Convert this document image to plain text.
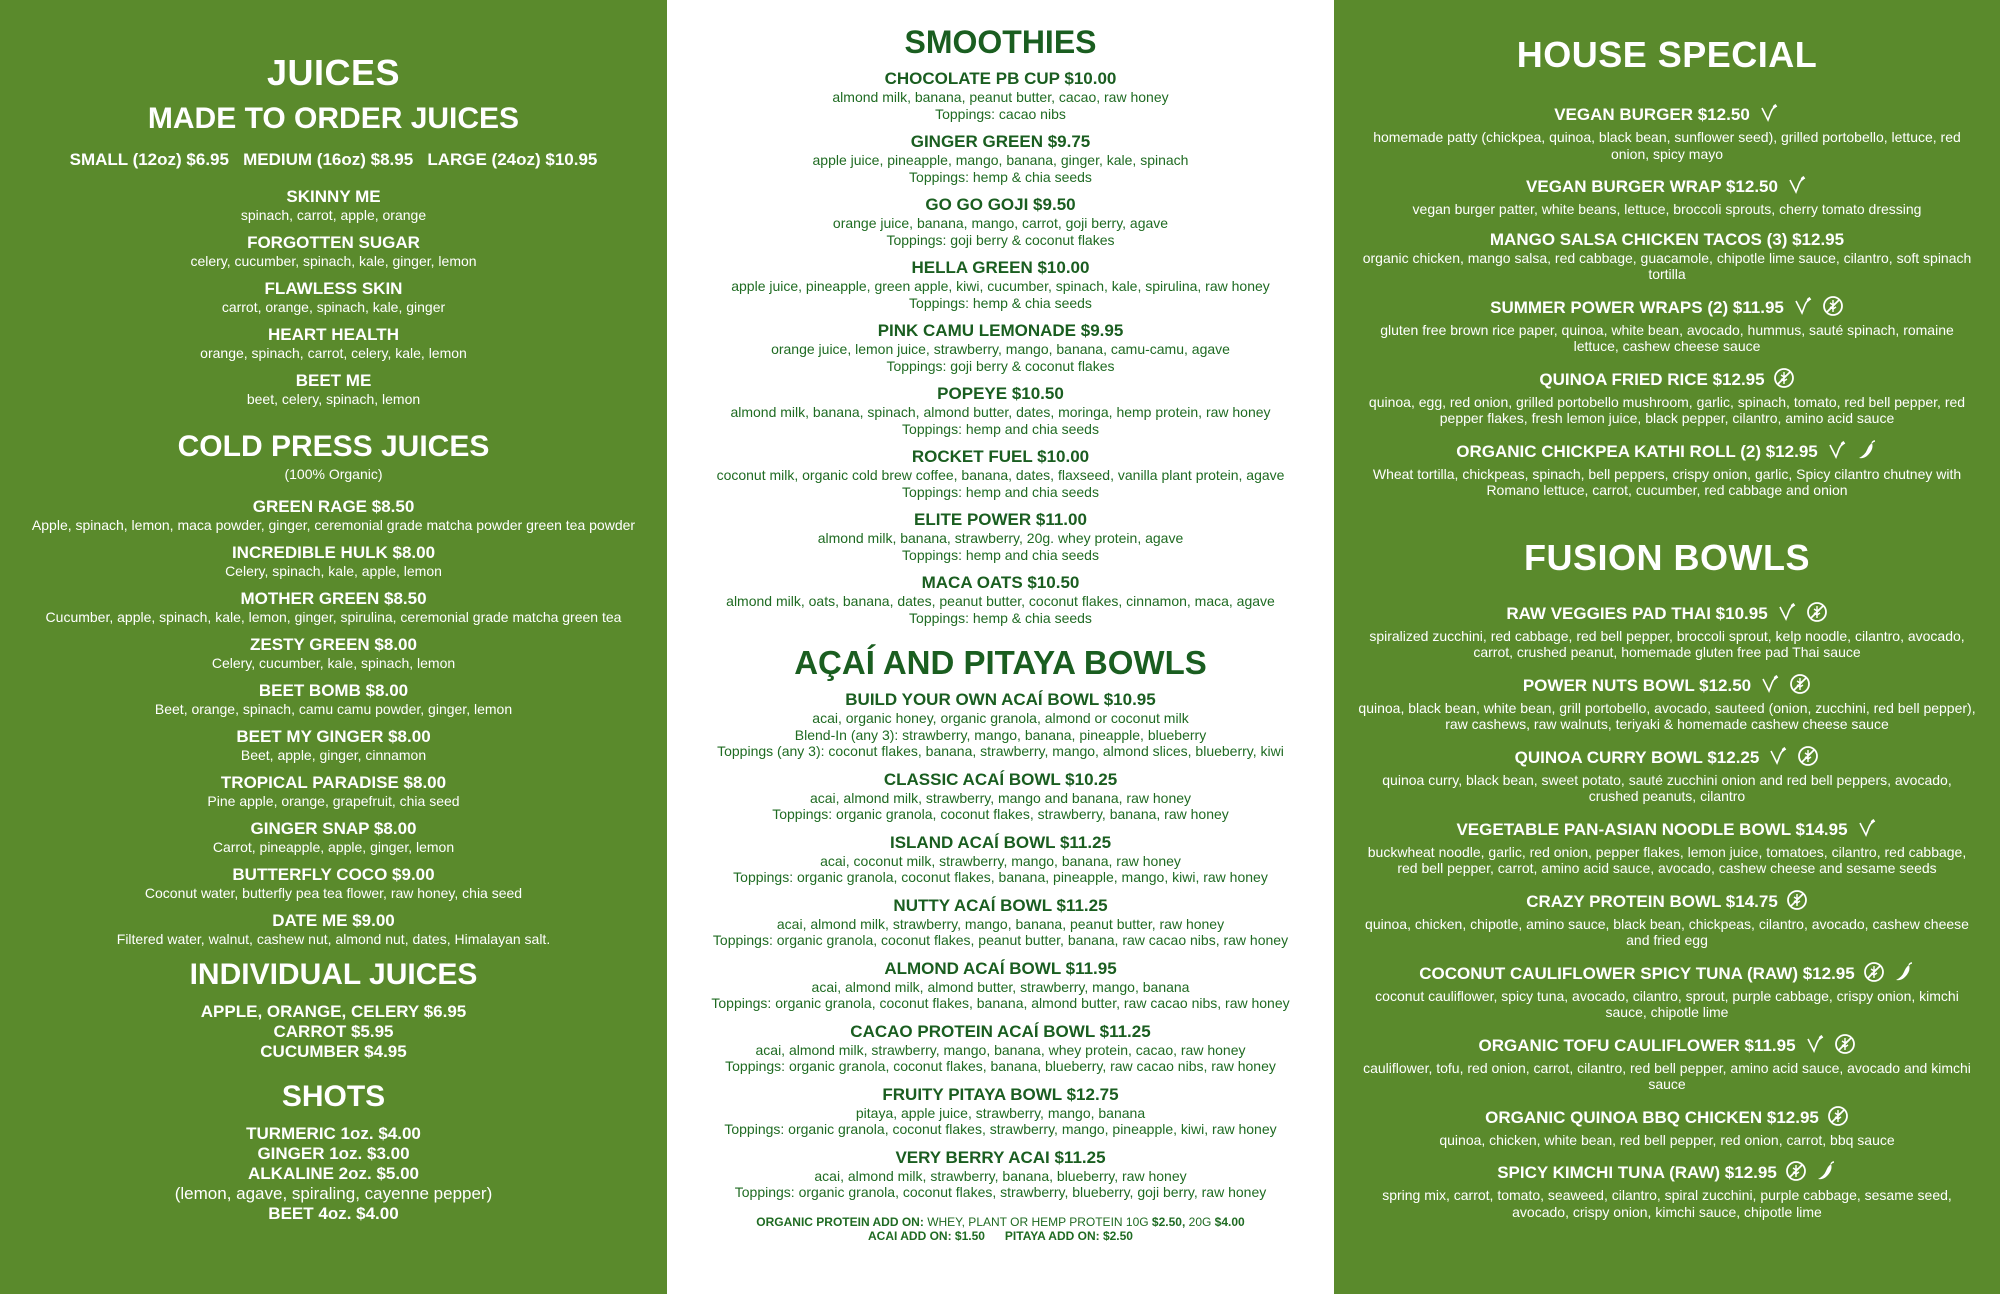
JUICES
MADE TO ORDER JUICES
SMALL (12oz) $6.95   MEDIUM (16oz) $8.95   LARGE (24oz) $10.95
SKINNY ME
spinach, carrot, apple, orange
FORGOTTEN SUGAR
celery, cucumber, spinach, kale, ginger, lemon
FLAWLESS SKIN
carrot, orange, spinach, kale, ginger
HEART HEALTH
orange, spinach, carrot, celery, kale, lemon
BEET ME
beet, celery, spinach, lemon
COLD PRESS JUICES
(100% Organic)
GREEN RAGE $8.50
Apple, spinach, lemon, maca powder, ginger, ceremonial grade matcha powder green tea powder
INCREDIBLE HULK $8.00
Celery, spinach, kale, apple, lemon
MOTHER GREEN $8.50
Cucumber, apple, spinach, kale, lemon, ginger, spirulina, ceremonial grade matcha green tea
ZESTY GREEN $8.00
Celery, cucumber, kale, spinach, lemon
BEET BOMB $8.00
Beet, orange, spinach, camu camu powder, ginger, lemon
BEET MY GINGER $8.00
Beet, apple, ginger, cinnamon
TROPICAL PARADISE $8.00
Pine apple, orange, grapefruit, chia seed
GINGER SNAP $8.00
Carrot, pineapple, apple, ginger, lemon
BUTTERFLY COCO $9.00
Coconut water, butterfly pea tea flower, raw honey, chia seed
DATE ME $9.00
Filtered water, walnut, cashew nut, almond nut, dates, Himalayan salt.
INDIVIDUAL JUICES
APPLE, ORANGE, CELERY $6.95
CARROT $5.95
CUCUMBER $4.95
SHOTS
TURMERIC 1oz. $4.00
GINGER 1oz. $3.00
ALKALINE 2oz. $5.00
(lemon, agave, spiraling, cayenne pepper)
BEET 4oz. $4.00
SMOOTHIES
CHOCOLATE PB CUP $10.00
almond milk, banana, peanut butter, cacao, raw honey
Toppings: cacao nibs
GINGER GREEN $9.75
apple juice, pineapple, mango, banana, ginger, kale, spinach
Toppings: hemp & chia seeds
GO GO GOJI $9.50
orange juice, banana, mango, carrot, goji berry, agave
Toppings: goji berry & coconut flakes
HELLA GREEN $10.00
apple juice, pineapple, green apple, kiwi, cucumber, spinach, kale, spirulina, raw honey
Toppings: hemp & chia seeds
PINK CAMU LEMONADE $9.95
orange juice, lemon juice, strawberry, mango, banana, camu-camu, agave
Toppings: goji berry & coconut flakes
POPEYE $10.50
almond milk, banana, spinach, almond butter, dates, moringa, hemp protein, raw honey
Toppings: hemp and chia seeds
ROCKET FUEL $10.00
coconut milk, organic cold brew coffee, banana, dates, flaxseed, vanilla plant protein, agave
Toppings: hemp and chia seeds
ELITE POWER $11.00
almond milk, banana, strawberry, 20g. whey protein, agave
Toppings: hemp and chia seeds
MACA OATS $10.50
almond milk, oats, banana, dates, peanut butter, coconut flakes, cinnamon, maca, agave
Toppings: hemp & chia seeds
AÇAÍ AND PITAYA BOWLS
BUILD YOUR OWN ACAÍ BOWL $10.95
acai, organic honey, organic granola, almond or coconut milk
Blend-In (any 3): strawberry, mango, banana, pineapple, blueberry
Toppings (any 3): coconut flakes, banana, strawberry, mango, almond slices, blueberry, kiwi
CLASSIC ACAÍ BOWL $10.25
acai, almond milk, strawberry, mango and banana, raw honey
Toppings: organic granola, coconut flakes, strawberry, banana, raw honey
ISLAND ACAÍ BOWL $11.25
acai, coconut milk, strawberry, mango, banana, raw honey
Toppings: organic granola, coconut flakes, banana, pineapple, mango, kiwi, raw honey
NUTTY ACAÍ BOWL $11.25
acai, almond milk, strawberry, mango, banana, peanut butter, raw honey
Toppings: organic granola, coconut flakes, peanut butter, banana, raw cacao nibs, raw honey
ALMOND ACAÍ BOWL $11.95
acai, almond milk, almond butter, strawberry, mango, banana
Toppings: organic granola, coconut flakes, banana, almond butter, raw cacao nibs, raw honey
CACAO PROTEIN ACAÍ BOWL $11.25
acai, almond milk, strawberry, mango, banana, whey protein, cacao, raw honey
Toppings: organic granola, coconut flakes, banana, blueberry, raw cacao nibs, raw honey
FRUITY PITAYA BOWL $12.75
pitaya, apple juice, strawberry, mango, banana
Toppings: organic granola, coconut flakes, strawberry, mango, pineapple, kiwi, raw honey
VERY BERRY ACAI $11.25
acai, almond milk, strawberry, banana, blueberry, raw honey
Toppings: organic granola, coconut flakes, strawberry, blueberry, goji berry, raw honey
ORGANIC PROTEIN ADD ON: WHEY, PLANT OR HEMP PROTEIN 10G $2.50, 20G $4.00
ACAI ADD ON: $1.50      PITAYA ADD ON: $2.50
HOUSE SPECIAL
VEGAN BURGER $12.50
homemade patty (chickpea, quinoa, black bean, sunflower seed), grilled portobello, lettuce, red onion, spicy mayo
VEGAN BURGER WRAP $12.50
vegan burger patter, white beans, lettuce, broccoli sprouts, cherry tomato dressing
MANGO SALSA CHICKEN TACOS (3) $12.95
organic chicken, mango salsa, red cabbage, guacamole, chipotle lime sauce, cilantro, soft spinach tortilla
SUMMER POWER WRAPS (2) $11.95
gluten free brown rice paper, quinoa, white bean, avocado, hummus, sauté spinach, romaine lettuce, cashew cheese sauce
QUINOA FRIED RICE $12.95
quinoa, egg, red onion, grilled portobello mushroom, garlic, spinach, tomato, red bell pepper, red pepper flakes, fresh lemon juice, black pepper, cilantro, amino acid sauce
ORGANIC CHICKPEA KATHI ROLL (2) $12.95
Wheat tortilla, chickpeas, spinach, bell peppers, crispy onion, garlic, Spicy cilantro chutney with Romano lettuce, carrot, cucumber, red cabbage and onion
FUSION BOWLS
RAW VEGGIES PAD THAI $10.95
spiralized zucchini, red cabbage, red bell pepper, broccoli sprout, kelp noodle, cilantro, avocado, carrot, crushed peanut, homemade gluten free pad Thai sauce
POWER NUTS BOWL $12.50
quinoa, black bean, white bean, grill portobello, avocado, sauteed (onion, zucchini, red bell pepper), raw cashews, raw walnuts, teriyaki & homemade cashew cheese sauce
QUINOA CURRY BOWL $12.25
quinoa curry, black bean, sweet potato, sauté zucchini onion and red bell peppers, avocado, crushed peanuts, cilantro
VEGETABLE PAN-ASIAN NOODLE BOWL $14.95
buckwheat noodle, garlic, red onion, pepper flakes, lemon juice, tomatoes, cilantro, red cabbage, red bell pepper, carrot, amino acid sauce, avocado, cashew cheese and sesame seeds
CRAZY PROTEIN BOWL $14.75
quinoa, chicken, chipotle, amino sauce, black bean, chickpeas, cilantro, avocado, cashew cheese and fried egg
COCONUT CAULIFLOWER SPICY TUNA (RAW) $12.95
coconut cauliflower, spicy tuna, avocado, cilantro, sprout, purple cabbage, crispy onion, kimchi sauce, chipotle lime
ORGANIC TOFU CAULIFLOWER $11.95
cauliflower, tofu, red onion, carrot, cilantro, red bell pepper, amino acid sauce, avocado and kimchi sauce
ORGANIC QUINOA BBQ CHICKEN $12.95
quinoa, chicken, white bean, red bell pepper, red onion, carrot, bbq sauce
SPICY KIMCHI TUNA (RAW) $12.95
spring mix, carrot, tomato, seaweed, cilantro, spiral zucchini, purple cabbage, sesame seed, avocado, crispy onion, kimchi sauce, chipotle lime
